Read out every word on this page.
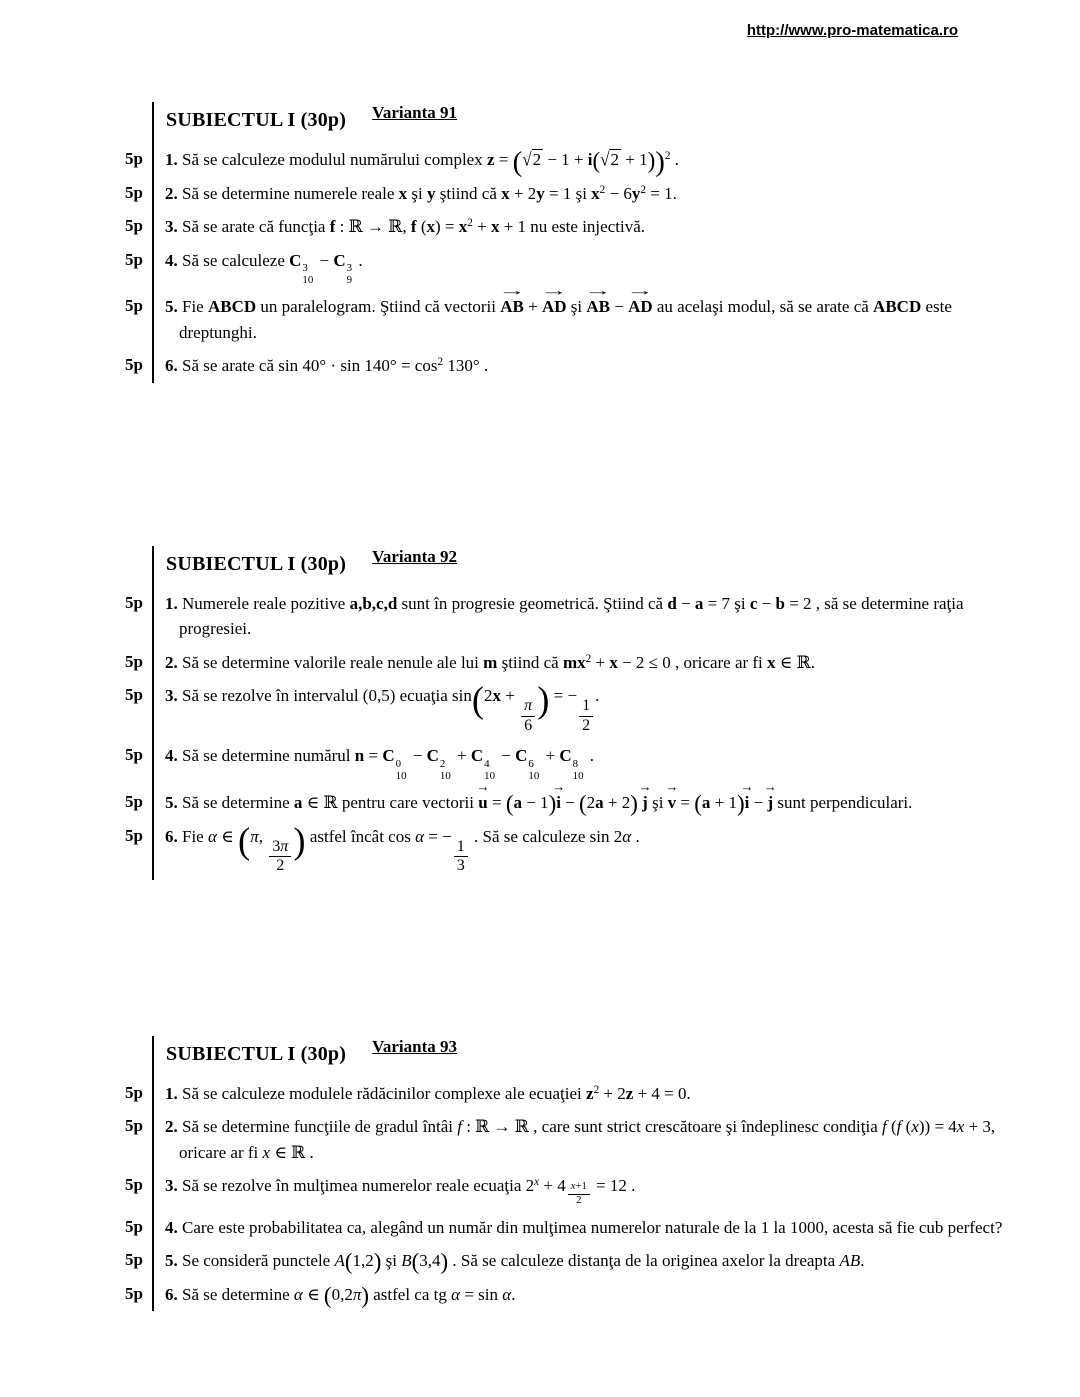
http://www.pro-matematica.ro
SUBIECTUL I (30p) Varianta 91
5p	1. Să se calculeze modulul numărului complex $z = (√2 - 1 + i(√2 + 1))^2$ .
5p	2. Să se determine numerele reale x şi y ştiind că x + 2y = 1 şi $x^2 - 6y^2 = 1$.
5p	3. Să se arate că funcţia f : ℝ → ℝ, f $(x) = x^2 + x + 1$ nu este injectivă.
5p	4. Să se calculeze C 3
10
− C 3
9
.
5p	5. Fie ABCD un paralelogram. Ştiind că vectorii AB → + AD → şi AB → − AD → au acelaşi modul, să se arate că ABCD este dreptunghi.
5p	6. Să se arate că $\sin 40^\circ \cdot \sin 140^\circ = \cos^2 130^\circ$ .
SUBIECTUL I (30p) Varianta 92
5p	1. Numerele reale pozitive a,b,c,d sunt în progresie geometrică. Ştiind că d − a = 7 şi c − b = 2 , să se determine raţia progresiei.
5p	2. Să se determine valorile reale nenule ale lui m ştiind că $mx^2 + x - 2 \le 0$ , oricare ar fi x ∈ ℝ.
5p	3. Să se rezolve în intervalul (0,5) ecuaţia sin(2x +
$\frac{\pi}{6}$ ) = −
$\frac{1}{2}$
.
5p	4. Să se determine numărul n = C 0
10
− C 2
10
+ C 4
10
− C 6
10
+ C 8
10
.
5p	5. Să se determine a ∈ ℝ pentru care vectorii u → = (a − 1)i → − (2a + 2) j → şi v → = (a + 1)i → − j → sunt perpendiculari.
5p	6. Fie α ∈ (π,
$\frac{3\pi}{2}$ ) astfel încât cos α = −
$\frac{1}{3}$
. Să se calculeze sin 2α .
SUBIECTUL I (30p) Varianta 93
5p	1. Să se calculeze modulele rădăcinilor complexe ale ecuaţiei $z^2 + 2z + 4 = 0$.
5p	2. Să se determine funcţiile de gradul întâi f : ℝ → ℝ , care sunt strict crescătoare şi îndeplinesc condiţia f (f (x)) = 4x + 3, oricare ar fi x ∈ ℝ .
5p	3. Să se rezolve în mulţimea numerelor reale ecuaţia $2^x + 4$ $^{\frac{x+1}{2}}$ = 12 .
5p	4. Care este probabilitatea ca, alegând un număr din mulţimea numerelor naturale de la 1 la 1000, acesta să fie cub perfect?
5p	5. Se consideră punctele A(1,2) şi B(3,4) . Să se calculeze distanţa de la originea axelor la dreapta AB.
5p	6. Să se determine α ∈ (0,2π) astfel ca tg α = sin α.
